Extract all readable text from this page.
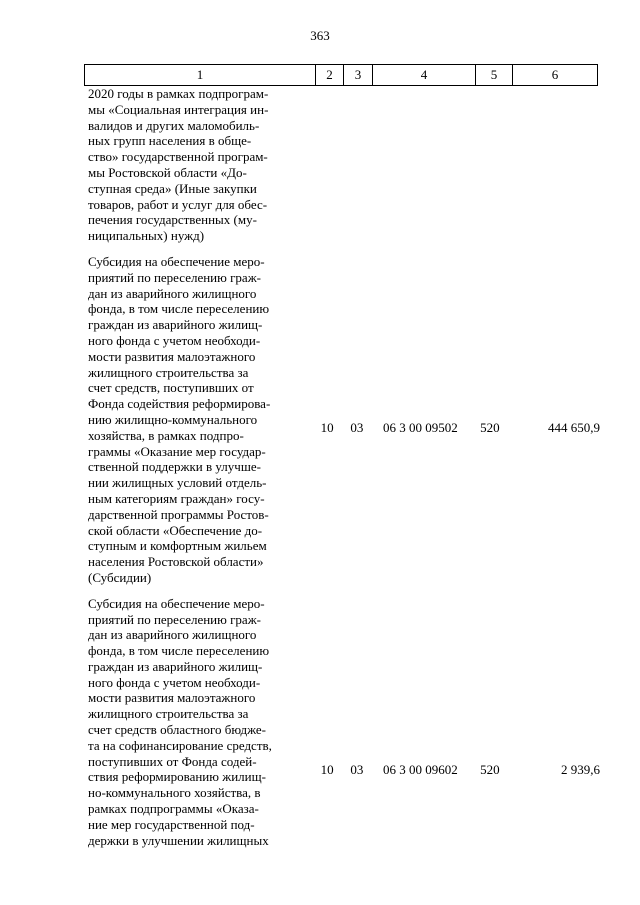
363
1	2	3	4	5	6
2020 годы в рамках подпрограм-
мы «Социальная интеграция ин-
валидов и других маломобиль-
ных групп населения в обще-
ство» государственной програм-
мы Ростовской области «До-
ступная среда» (Иные закупки
товаров, работ и услуг для обес-
печения государственных (му-
ниципальных) нужд)
Субсидия на обеспечение меро-
приятий по переселению граж-
дан из аварийного жилищного
фонда, в том числе переселению
граждан из аварийного жилищ-
ного фонда с учетом необходи-
мости развития малоэтажного
жилищного строительства за
счет средств, поступивших от
Фонда содействия реформирова-
нию жилищно-коммунального
хозяйства, в рамках подпро-
граммы «Оказание мер государ-
ственной поддержки в улучше-
нии жилищных условий отдель-
ным категориям граждан» госу-
дарственной программы Ростов-
ской области «Обеспечение до-
ступным и комфортным жильем
населения Ростовской области»
(Субсидии)
10	03	06 3 00 09502	520	444 650,9
Субсидия на обеспечение меро-
приятий по переселению граж-
дан из аварийного жилищного
фонда, в том числе переселению
граждан из аварийного жилищ-
ного фонда с учетом необходи-
мости развития малоэтажного
жилищного строительства за
счет средств областного бюдже-
та на софинансирование средств,
поступивших от Фонда содей-
ствия реформированию жилищ-
но-коммунального хозяйства, в
рамках подпрограммы «Оказа-
ние мер государственной под-
держки в улучшении жилищных
10	03	06 3 00 09602	520	2 939,6
